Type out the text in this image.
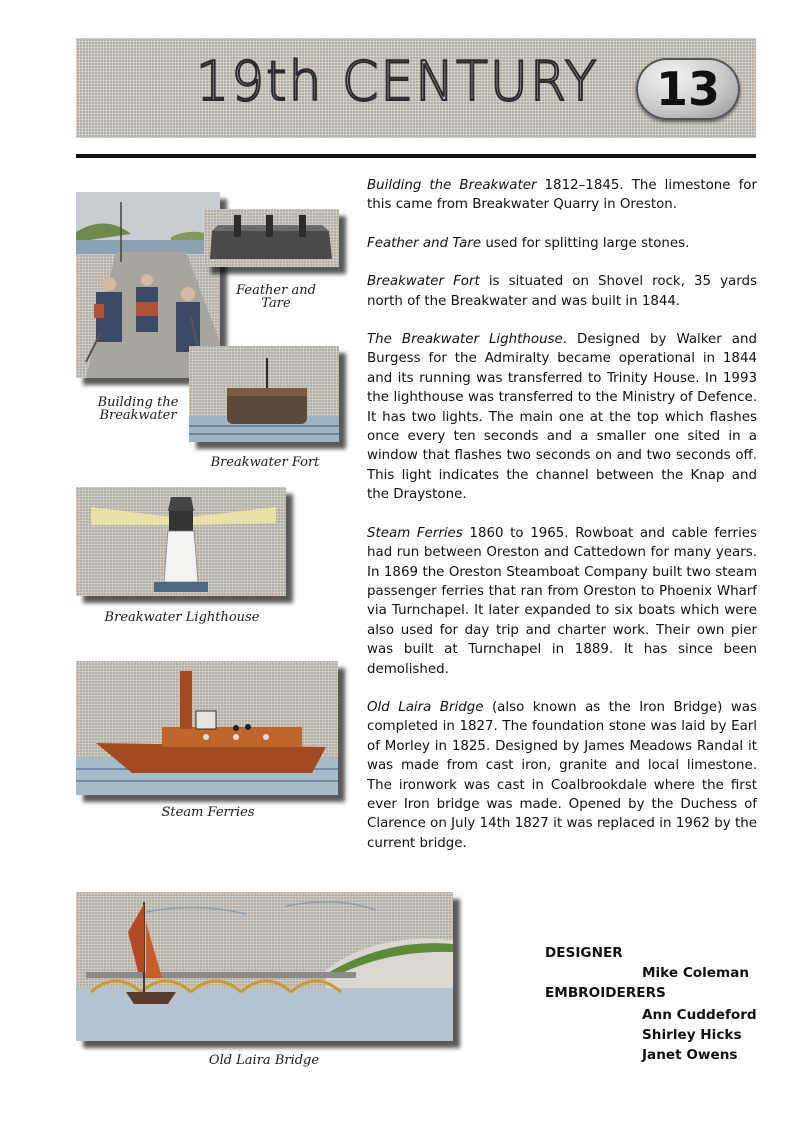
19th CENTURY	13
Building the
Breakwater
Feather and
Tare
Breakwater Fort
Breakwater Lighthouse
Steam Ferries
Old Laira Bridge

Building the Breakwater 1812–1845. The limestone for this came from Breakwater Quarry in Oreston.

Feather and Tare used for splitting large stones.

Breakwater Fort is situated on Shovel rock, 35 yards north of the Breakwater and was built in 1844.

The Breakwater Lighthouse. Designed by Walker and Burgess for the Admiralty became operational in 1844 and its running was transferred to Trinity House. In 1993 the lighthouse was transferred to the Ministry of Defence. It has two lights. The main one at the top which flashes once every ten seconds and a smaller one sited in a window that flashes two seconds on and two seconds off. This light indicates the channel between the Knap and the Draystone.

Steam Ferries 1860 to 1965. Rowboat and cable ferries had run between Oreston and Cattedown for many years. In 1869 the Oreston Steamboat Company built two steam passenger ferries that ran from Oreston to Phoenix Wharf via Turnchapel. It later expanded to six boats which were also used for day trip and charter work. Their own pier was built at Turnchapel in 1889. It has since been demolished.

Old Laira Bridge (also known as the Iron Bridge) was completed in 1827. The foundation stone was laid by Earl of Morley in 1825. Designed by James Meadows Randal it was made from cast iron, granite and local limestone. The ironwork was cast in Coalbrookdale where the first ever Iron bridge was made. Opened by the Duchess of Clarence on July 14th 1827 it was replaced in 1962 by the current bridge.

DESIGNER
Mike Coleman
EMBROIDERERS
Ann Cuddeford
Shirley Hicks
Janet Owens
